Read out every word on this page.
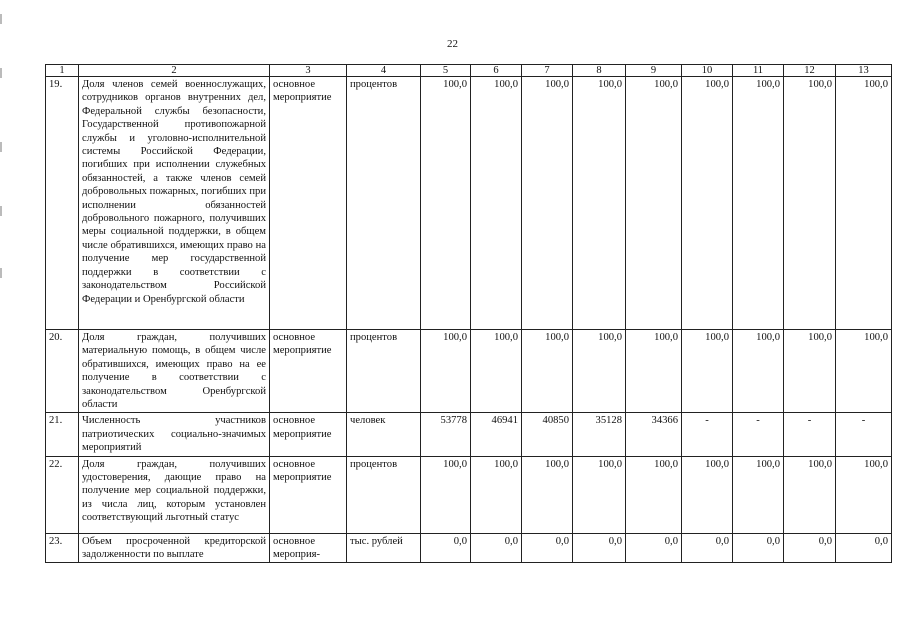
22
1	2	3	4	5	6	7	8	9	10	11	12	13
19.	Доля членов семей военнослужащих, сотрудников органов внутренних дел, Федеральной службы безопасности, Государственной противопожарной службы и уголовно-исполнительной системы Российской Федерации, погибших при исполнении служебных обязанностей, а также членов семей добровольных пожарных, погибших при исполнении обязанностей добровольного пожарного, получивших меры социальной поддержки, в общем числе обратившихся, имеющих право на получение мер государственной поддержки в соответствии с законодательством Российской Федерации и Оренбургской области	основное мероприятие	процентов	100,0	100,0	100,0	100,0	100,0	100,0	100,0	100,0	100,0
20.	Доля граждан, получивших материальную помощь, в общем числе обратившихся, имеющих право на ее получение в соответствии с законодательством Оренбургской области	основное мероприятие	процентов	100,0	100,0	100,0	100,0	100,0	100,0	100,0	100,0	100,0
21.	Численность участников патриотических социально-значимых мероприятий	основное мероприятие	человек	53778	46941	40850	35128	34366	-	-	-	-
22.	Доля граждан, получивших удостоверения, дающие право на получение мер социальной поддержки, из числа лиц, которым установлен соответствующий льготный статус	основное мероприятие	процентов	100,0	100,0	100,0	100,0	100,0	100,0	100,0	100,0	100,0
23.	Объем просроченной кредиторской задолженности по выплате	основное мероприя-	тыс. рублей	0,0	0,0	0,0	0,0	0,0	0,0	0,0	0,0	0,0
